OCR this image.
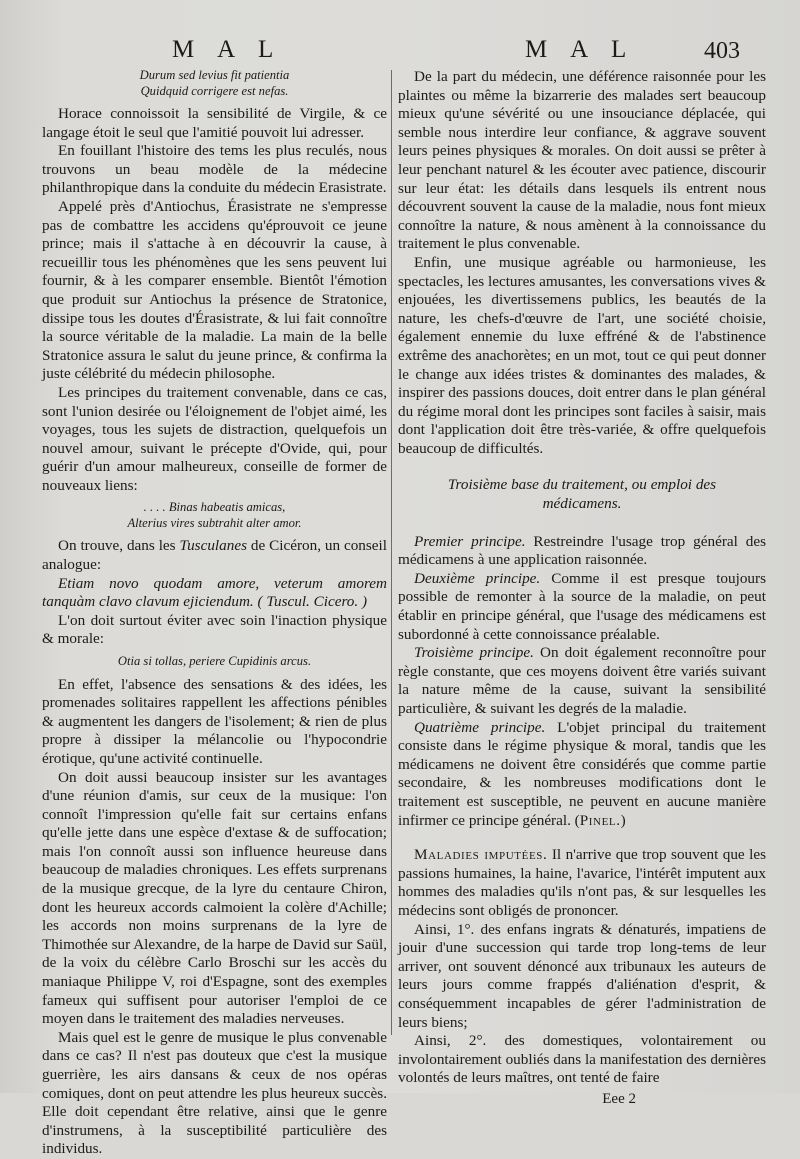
M A L	M A L	403

Durum sed levius fit patientia

Quidquid corrigere est nefas.

Horace connoissoit la sensibilité de Virgile, & ce langage étoit le seul que l'amitié pouvoit lui adresser.

En fouillant l'histoire des tems les plus reculés, nous trouvons un beau modèle de la médecine philanthropique dans la conduite du médecin Erasistrate.

Appelé près d'Antiochus, Érasistrate ne s'empresse pas de combattre les accidens qu'éprouvoit ce jeune prince; mais il s'attache à en découvrir la cause, à recueillir tous les phénomènes que les sens peuvent lui fournir, & à les comparer ensemble. Bientôt l'émotion que produit sur Antiochus la présence de Stratonice, dissipe tous les doutes d'Érasistrate, & lui fait connoître la source véritable de la maladie. La main de la belle Stratonice assura le salut du jeune prince, & confirma la juste célébrité du médecin philosophe.

Les principes du traitement convenable, dans ce cas, sont l'union desirée ou l'éloignement de l'objet aimé, les voyages, tous les sujets de distraction, quelquefois un nouvel amour, suivant le précepte d'Ovide, qui, pour guérir d'un amour malheureux, conseille de former de nouveaux liens:

. . . . Binas habeatis amicas,

Alterius vires subtrahit alter amor.

On trouve, dans les Tusculanes de Cicéron, un conseil analogue:

Etiam novo quodam amore, veterum amorem tanquàm clavo clavum ejiciendum. ( Tuscul. Cicero. )

L'on doit surtout éviter avec soin l'inaction physique & morale:

Otia si tollas, periere Cupidinis arcus.

En effet, l'absence des sensations & des idées, les promenades solitaires rappellent les affections pénibles & augmentent les dangers de l'isolement; & rien de plus propre à dissiper la mélancolie ou l'hypocondrie érotique, qu'une activité continuelle.

On doit aussi beaucoup insister sur les avantages d'une réunion d'amis, sur ceux de la musique: l'on connoît l'impression qu'elle fait sur certains enfans qu'elle jette dans une espèce d'extase & de suffocation; mais l'on connoît aussi son influence heureuse dans beaucoup de maladies chroniques. Les effets surprenans de la musique grecque, de la lyre du centaure Chiron, dont les heureux accords calmoient la colère d'Achille; les accords non moins surprenans de la lyre de Thimothée sur Alexandre, de la harpe de David sur Saül, de la voix du célèbre Carlo Broschi sur les accès du maniaque Philippe V, roi d'Espagne, sont des exemples fameux qui suffisent pour autoriser l'emploi de ce moyen dans le traitement des maladies nerveuses.

Mais quel est le genre de musique le plus convenable dans ce cas? Il n'est pas douteux que c'est la musique guerrière, les airs dansans & ceux de nos opéras comiques, dont on peut attendre les plus heureux succès. Elle doit cependant être relative, ainsi que le genre d'instrumens, à la susceptibilité particulière des individus.

De la part du médecin, une déférence raisonnée pour les plaintes ou même la bizarrerie des malades sert beaucoup mieux qu'une sévérité ou une insouciance déplacée, qui semble nous interdire leur confiance, & aggrave souvent leurs peines physiques & morales. On doit aussi se prêter à leur penchant naturel & les écouter avec patience, discourir sur leur état: les détails dans lesquels ils entrent nous découvrent souvent la cause de la maladie, nous font mieux connoître la nature, & nous amènent à la connoissance du traitement le plus convenable.

Enfin, une musique agréable ou harmonieuse, les spectacles, les lectures amusantes, les conversations vives & enjouées, les divertissemens publics, les beautés de la nature, les chefs-d'œuvre de l'art, une société choisie, également ennemie du luxe effréné & de l'abstinence extrême des anachorètes; en un mot, tout ce qui peut donner le change aux idées tristes & dominantes des malades, & inspirer des passions douces, doit entrer dans le plan général du régime moral dont les principes sont faciles à saisir, mais dont l'application doit être très-variée, & offre quelquefois beaucoup de difficultés.

Troisième base du traitement, ou emploi des
médicamens.

Premier principe. Restreindre l'usage trop général des médicamens à une application raisonnée.

Deuxième principe. Comme il est presque toujours possible de remonter à la source de la maladie, on peut établir en principe général, que l'usage des médicamens est subordonné à cette connoissance préalable.

Troisième principe. On doit également reconnoître pour règle constante, que ces moyens doivent être variés suivant la nature même de la cause, suivant la sensibilité particulière, & suivant les degrés de la maladie.

Quatrième principe. L'objet principal du traitement consiste dans le régime physique & moral, tandis que les médicamens ne doivent être considérés que comme partie secondaire, & les nombreuses modifications dont le traitement est susceptible, ne peuvent en aucune manière infirmer ce principe général. (Pinel.)

Maladies imputées. Il n'arrive que trop souvent que les passions humaines, la haine, l'avarice, l'intérêt imputent aux hommes des maladies qu'ils n'ont pas, & sur lesquelles les médecins sont obligés de prononcer.

Ainsi, 1°. des enfans ingrats & dénaturés, impatiens de jouir d'une succession qui tarde trop long-tems de leur arriver, ont souvent dénoncé aux tribunaux les auteurs de leurs jours comme frappés d'aliénation d'esprit, & conséquemment incapables de gérer l'administration de leurs biens;

Ainsi, 2°. des domestiques, volontairement ou involontairement oubliés dans la manifestation des dernières volontés de leurs maîtres, ont tenté de faire

Eee 2
